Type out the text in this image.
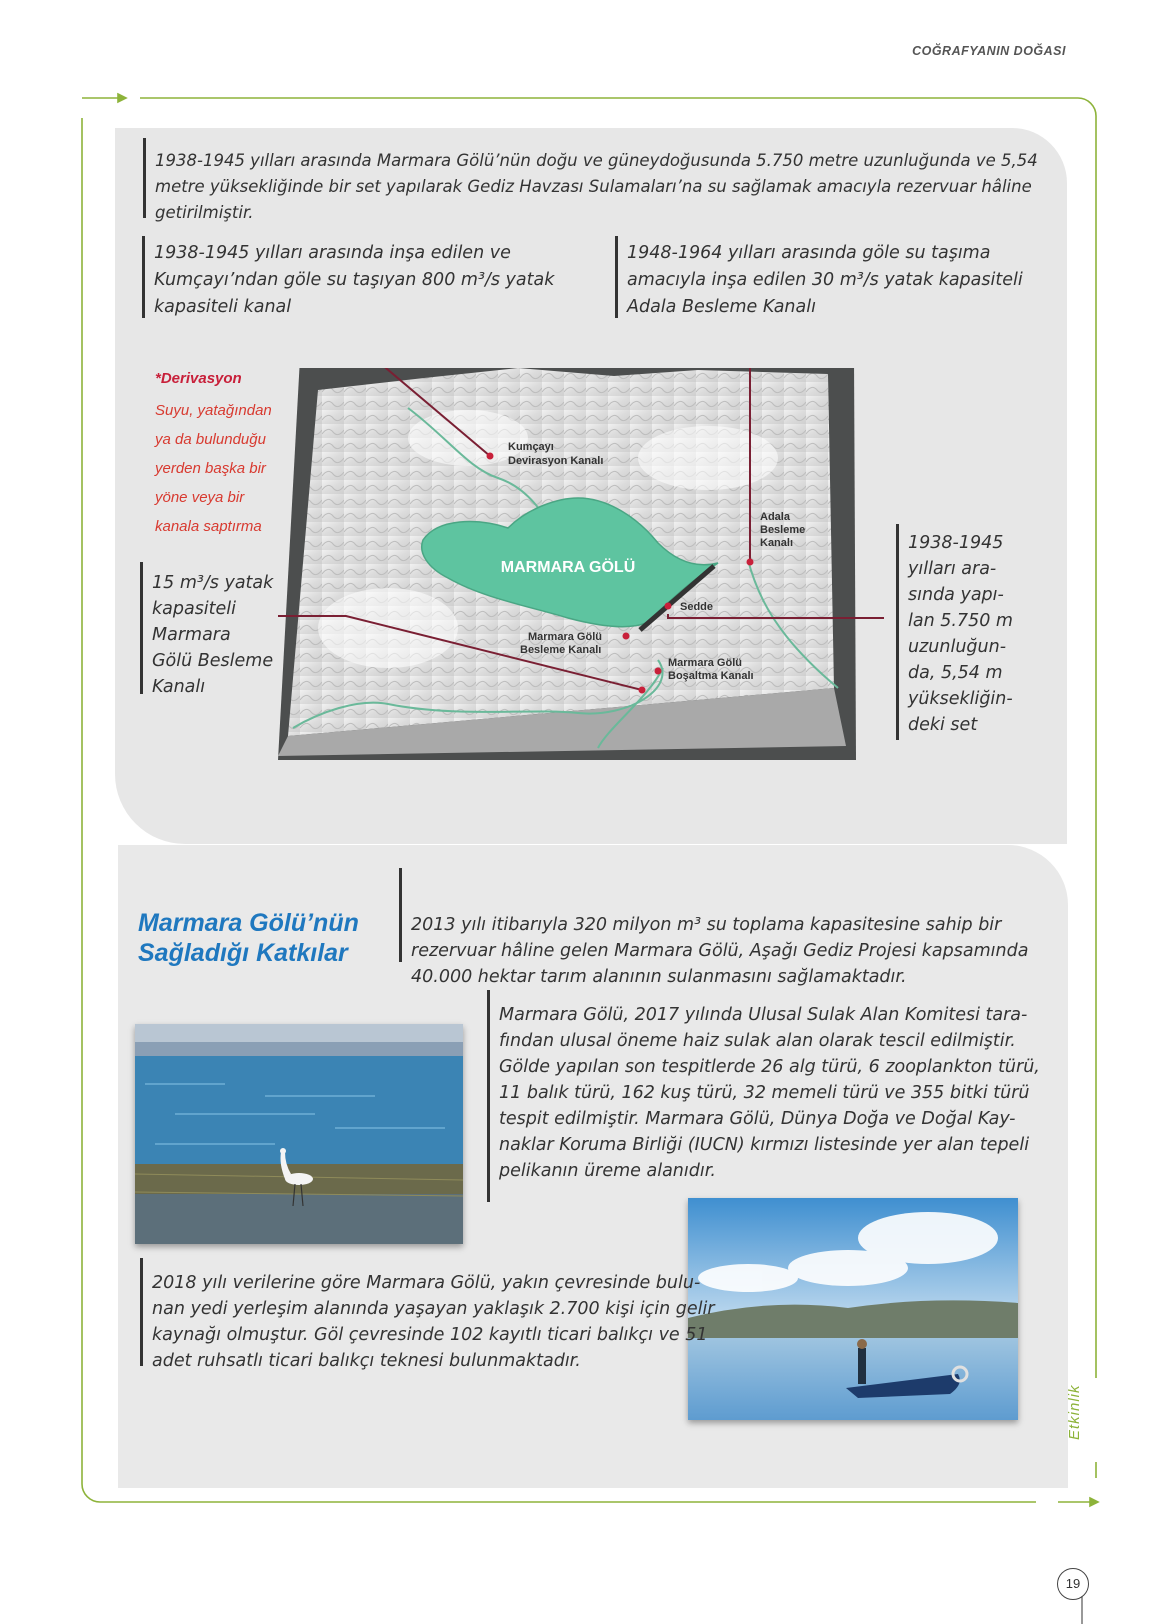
COĞRAFYANIN DOĞASI
1938-1945 yılları arasında Marmara Gölü’nün doğu ve güneydoğusunda 5.750 metre uzunluğunda ve 5,54 metre yüksekliğinde bir set yapılarak Gediz Havzası Sulamaları’na su sağlamak amacıyla rezervuar hâline getirilmiştir.
1938-1945 yılları arasında inşa edilen ve
Kumçayı’ndan göle su taşıyan 800 m³/s yatak
kapasiteli kanal
1948-1964 yılları arasında göle su taşıma
amacıyla inşa edilen 30 m³/s yatak kapasiteli
Adala Besleme Kanalı
*Derivasyon
Suyu, yatağından ya da bulunduğu yerden başka bir yöne veya bir kanala saptırma
15 m³/s yatak
kapasiteli
Marmara
Gölü Besleme
Kanalı
1938-1945
yılları ara-
sında yapı-
lan 5.750 m
uzunluğun-
da, 5,54 m
yüksekliğin-
deki set
MARMARA GÖLÜ
Kumçayı
Devirasyon Kanalı
Adala
Besleme
Kanalı
Sedde
Marmara Gölü
Besleme Kanalı
Marmara Gölü
Boşaltma Kanalı
Marmara Gölü’nün
Sağladığı Katkılar
2013 yılı itibarıyla 320 milyon m³ su toplama kapasitesine sahip bir
rezervuar hâline gelen Marmara Gölü, Aşağı Gediz Projesi kapsamında
40.000 hektar tarım alanının sulanmasını sağlamaktadır.
Marmara Gölü, 2017 yılında Ulusal Sulak Alan Komitesi tara-
fından ulusal öneme haiz sulak alan olarak tescil edilmiştir.
Gölde yapılan son tespitlerde 26 alg türü, 6 zooplankton türü,
11 balık türü, 162 kuş türü, 32 memeli türü ve 355 bitki türü
tespit edilmiştir. Marmara Gölü, Dünya Doğa ve Doğal Kay-
naklar Koruma Birliği (IUCN) kırmızı listesinde yer alan tepeli
pelikanın üreme alanıdır.
2018 yılı verilerine göre Marmara Gölü, yakın çevresinde bulu-
nan yedi yerleşim alanında yaşayan yaklaşık 2.700 kişi için gelir
kaynağı olmuştur. Göl çevresinde 102 kayıtlı ticari balıkçı ve 51
adet ruhsatlı ticari balıkçı teknesi bulunmaktadır.
Etkinlik
19
